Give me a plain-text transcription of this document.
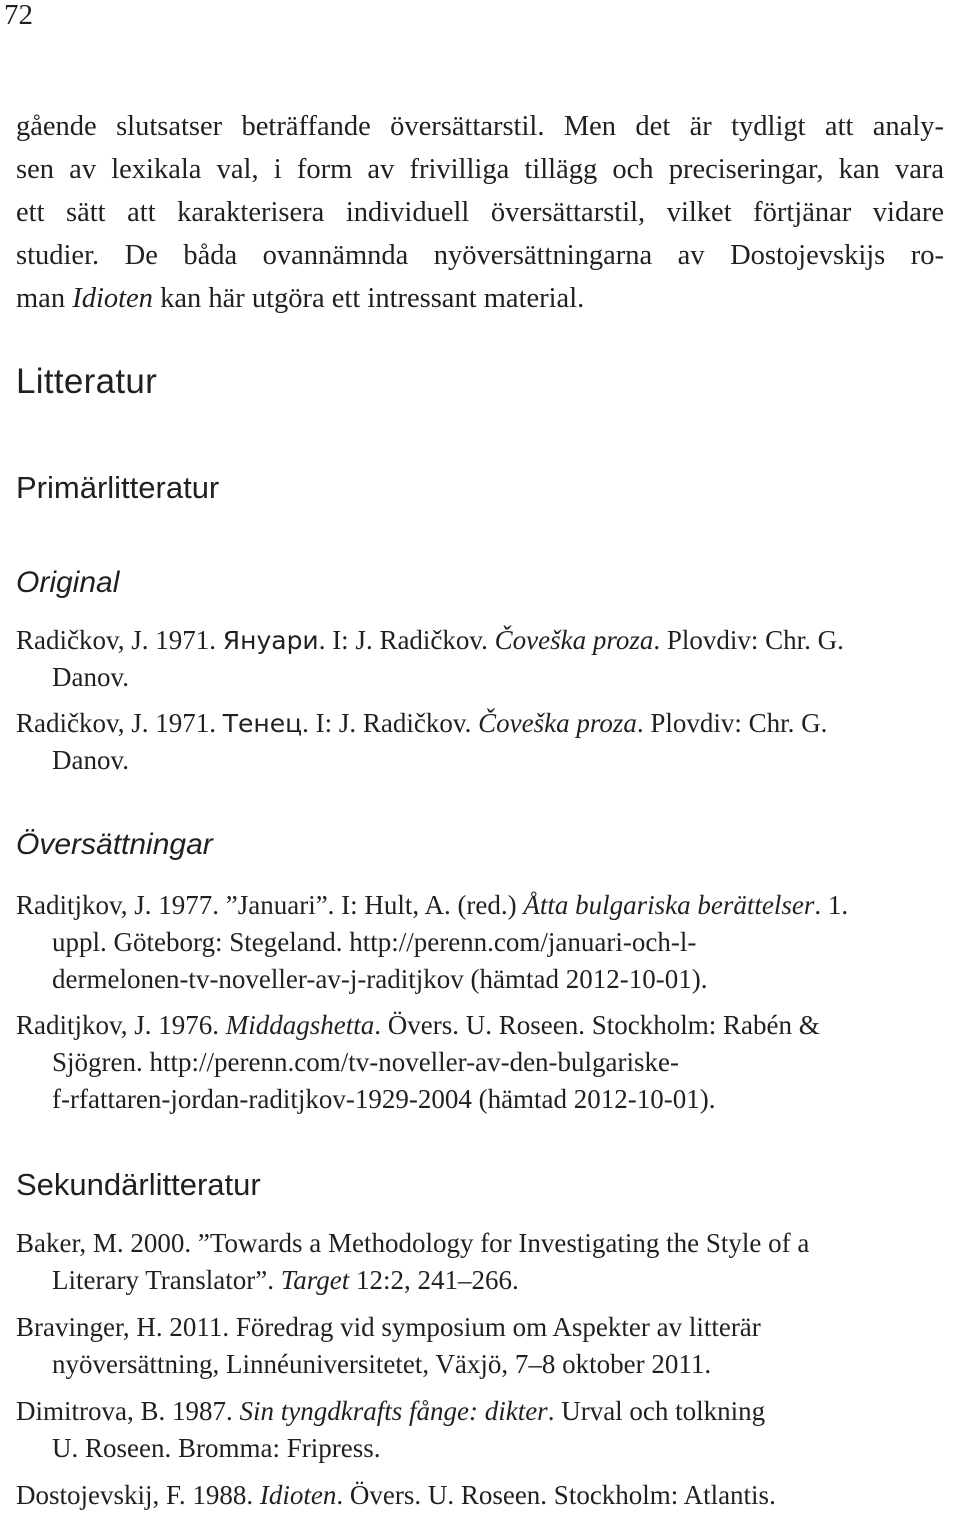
72
gående slutsatser beträffande översättarstil. Men det är tydligt att analy-
sen av lexikala val, i form av frivilliga tillägg och preciseringar, kan vara
ett sätt att karakterisera individuell översättarstil, vilket förtjänar vidare
studier. De båda ovannämnda nyöversättningarna av Dostojevskijs ro-
man Idioten kan här utgöra ett intressant material.
Litteratur
Primärlitteratur
Original
Radičkov, J. 1971. Януари. I: J. Radičkov. Čoveška proza. Plovdiv: Chr. G.
Danov.
Radičkov, J. 1971. Тенец. I: J. Radičkov. Čoveška proza. Plovdiv: Chr. G.
Danov.
Översättningar
Raditjkov, J. 1977. ”Januari”. I: Hult, A. (red.) Åtta bulgariska berättelser. 1.
uppl. Göteborg: Stegeland. http://perenn.com/januari-och-l-
dermelonen-tv-noveller-av-j-raditjkov (hämtad 2012-10-01).
Raditjkov, J. 1976. Middagshetta. Övers. U. Roseen. Stockholm: Rabén &
Sjögren. http://perenn.com/tv-noveller-av-den-bulgariske-
f-rfattaren-jordan-raditjkov-1929-2004 (hämtad 2012-10-01).
Sekundärlitteratur
Baker, M. 2000. ”Towards a Methodology for Investigating the Style of a
Literary Translator”. Target 12:2, 241–266.
Bravinger, H. 2011. Föredrag vid symposium om Aspekter av litterär
nyöversättning, Linnéuniversitetet, Växjö, 7–8 oktober 2011.
Dimitrova, B. 1987. Sin tyngdkrafts fånge: dikter. Urval och tolkning
U. Roseen. Bromma: Fripress.
Dostojevskij, F. 1988. Idioten. Övers. U. Roseen. Stockholm: Atlantis.
